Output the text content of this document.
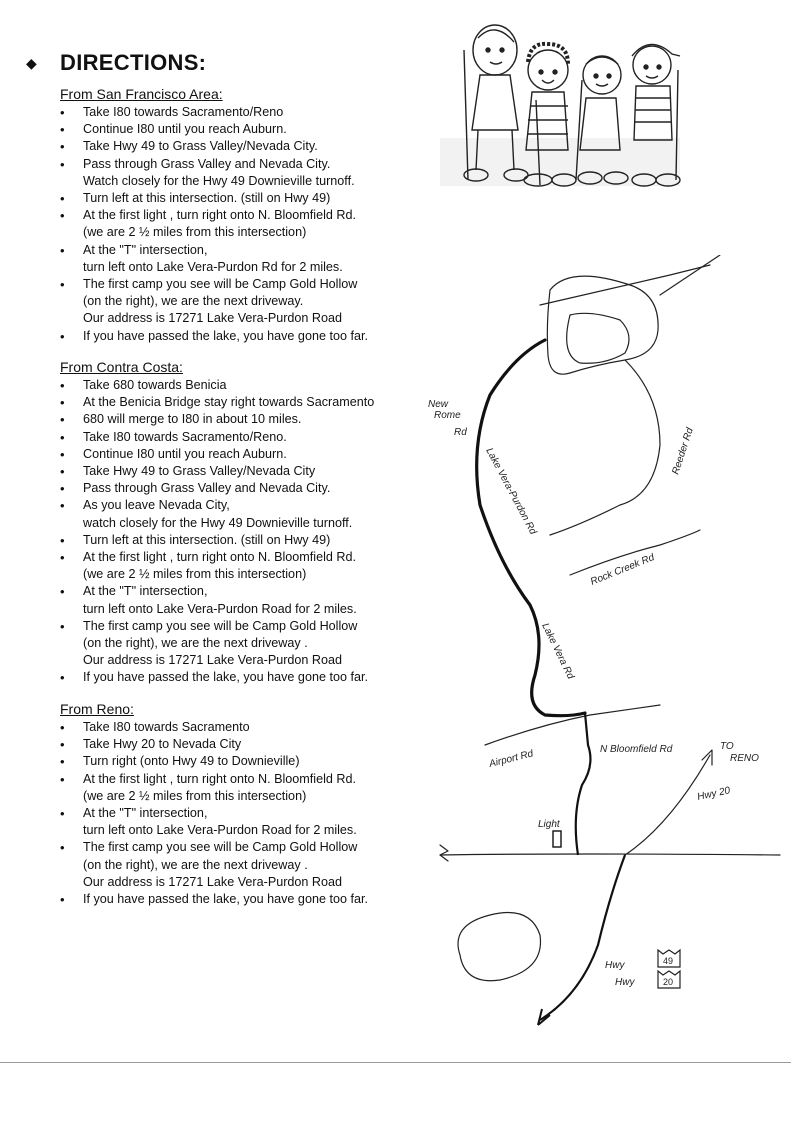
◆ DIRECTIONS:
From San Francisco Area:
• Take I80 towards Sacramento/Reno
• Continue I80 until you reach Auburn.
• Take Hwy 49 to Grass Valley/Nevada City.
• Pass through Grass Valley and Nevada City.
Watch closely for the Hwy 49 Downieville turnoff.
• Turn left at this intersection. (still on Hwy 49)
• At the first light , turn right onto N. Bloomfield Rd.
(we are 2 ½ miles from this intersection)
• At the "T" intersection,
turn left onto Lake Vera-Purdon Rd for 2 miles.
• The first camp you see will be Camp Gold Hollow
(on the right), we are the next driveway.
Our address is 17271 Lake Vera-Purdon Road
• If you have passed the lake, you have gone too far.
From Contra Costa:
• Take 680 towards Benicia
• At the Benicia Bridge stay right towards Sacramento
• 680 will merge to I80 in about 10 miles.
• Take I80 towards Sacramento/Reno.
• Continue I80 until you reach Auburn.
• Take Hwy 49 to Grass Valley/Nevada City
• Pass through Grass Valley and Nevada City.
• As you leave Nevada City,
watch closely for the Hwy 49 Downieville turnoff.
• Turn left at this intersection. (still on Hwy 49)
• At the first light , turn right onto N. Bloomfield Rd.
(we are 2 ½ miles from this intersection)
• At the "T" intersection,
turn left onto Lake Vera-Purdon Road for 2 miles.
• The first camp you see will be Camp Gold Hollow
(on the right), we are the next driveway .
Our address is 17271 Lake Vera-Purdon Road
• If you have passed the lake, you have gone too far.
From Reno:
• Take I80 towards Sacramento
• Take Hwy 20 to Nevada City
• Turn right (onto Hwy 49 to Downieville)
• At the first light , turn right onto N. Bloomfield Rd.
(we are 2 ½ miles from this intersection)
• At the "T" intersection,
turn left onto Lake Vera-Purdon Road for 2 miles.
• The first camp you see will be Camp Gold Hollow
(on the right), we are the next driveway .
Our address is 17271 Lake Vera-Purdon Road
• If you have passed the lake, you have gone too far.
New
Rome
Rd
Lake Vera-Purdon Rd	Reeder Rd
Rock Creek Rd
Lake Vera Rd
Airport Rd	N Bloomfield Rd	TO
RENO
Hwy 20
Light
Hwy
Hwy
49
20
